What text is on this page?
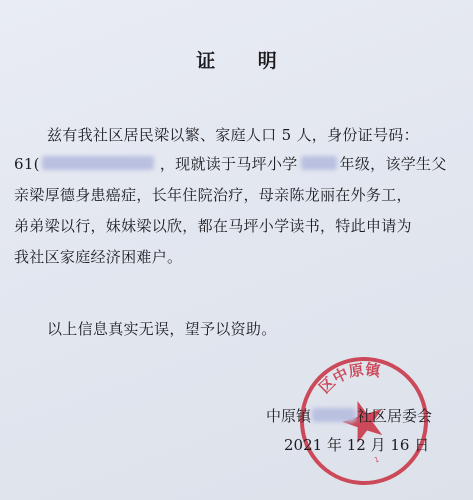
证 明
兹有我社区居民梁以繁、家庭人口 5 人，身份证号码：
61(	，现就读于马坪小学	年级，该学生父
亲梁厚德身患癌症，长年住院治疗，母亲陈龙丽在外务工，
弟弟梁以行，妹妹梁以欣，都在马坪小学读书，特此申请为
我社区家庭经济困难户。
以上信息真实无误，望予以资助。
区中原镇
1
中原镇	社区居委会
2021 年 12 月 16 日
